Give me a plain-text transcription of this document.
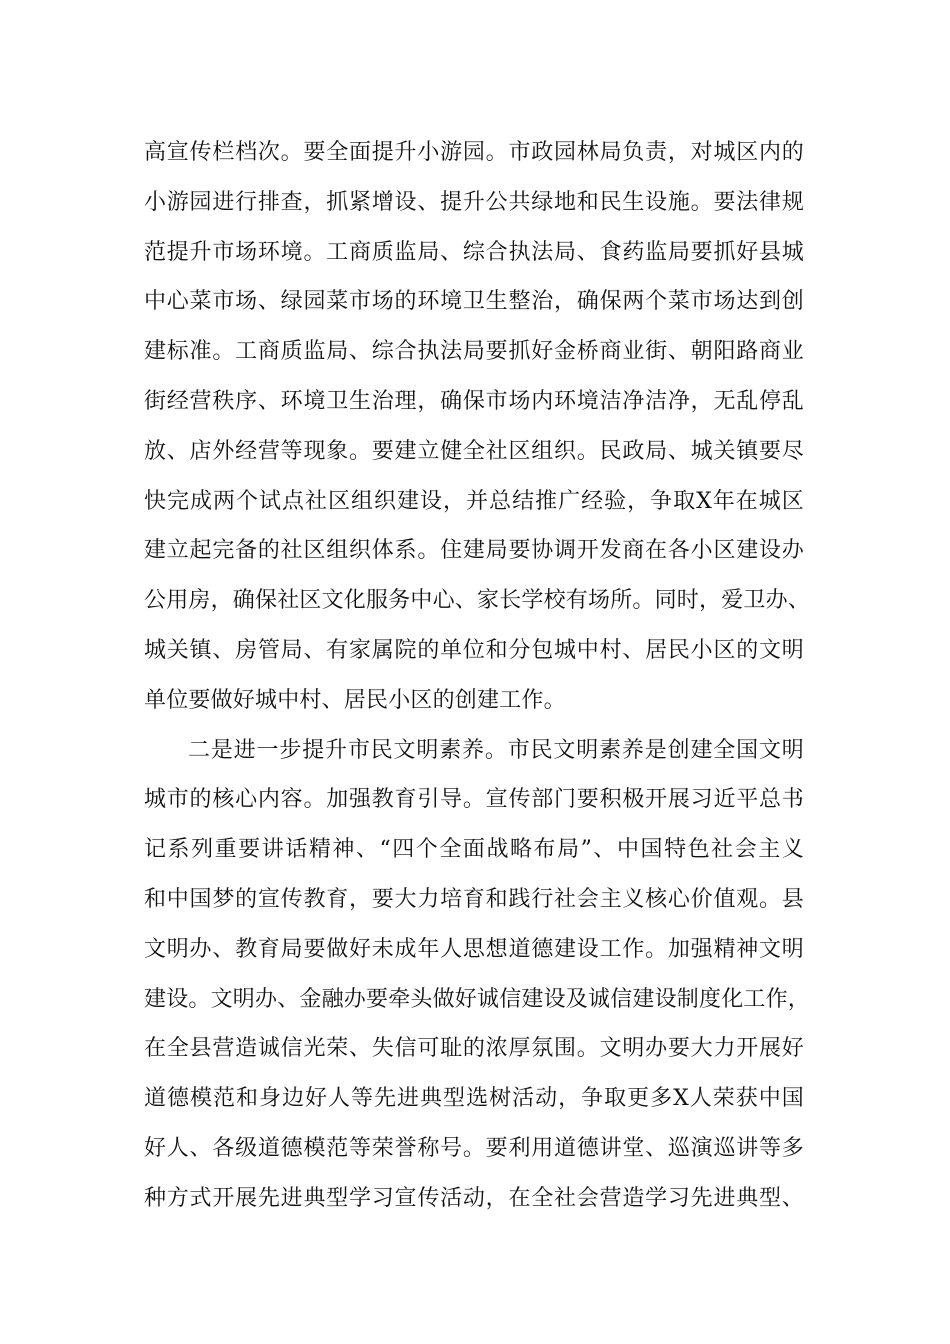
高宣传栏档次。要全面提升小游园。市政园林局负责，对城区内的
小游园进行排查，抓紧增设、提升公共绿地和民生设施。要法律规
范提升市场环境。工商质监局、综合执法局、食药监局要抓好县城
中心菜市场、绿园菜市场的环境卫生整治，确保两个菜市场达到创
建标准。工商质监局、综合执法局要抓好金桥商业街、朝阳路商业
街经营秩序、环境卫生治理，确保市场内环境洁净洁净，无乱停乱
放、店外经营等现象。要建立健全社区组织。民政局、城关镇要尽
快完成两个试点社区组织建设，并总结推广经验，争取X年在城区
建立起完备的社区组织体系。住建局要协调开发商在各小区建设办
公用房，确保社区文化服务中心、家长学校有场所。同时，爱卫办、
城关镇、房管局、有家属院的单位和分包城中村、居民小区的文明
单位要做好城中村、居民小区的创建工作。
二是进一步提升市民文明素养。市民文明素养是创建全国文明
城市的核心内容。加强教育引导。宣传部门要积极开展习近平总书
记系列重要讲话精神、“四个全面战略布局”、中国特色社会主义
和中国梦的宣传教育，要大力培育和践行社会主义核心价值观。县
文明办、教育局要做好未成年人思想道德建设工作。加强精神文明
建设。文明办、金融办要牵头做好诚信建设及诚信建设制度化工作，
在全县营造诚信光荣、失信可耻的浓厚氛围。文明办要大力开展好
道德模范和身边好人等先进典型选树活动，争取更多X人荣获中国
好人、各级道德模范等荣誉称号。要利用道德讲堂、巡演巡讲等多
种方式开展先进典型学习宣传活动，在全社会营造学习先进典型、
